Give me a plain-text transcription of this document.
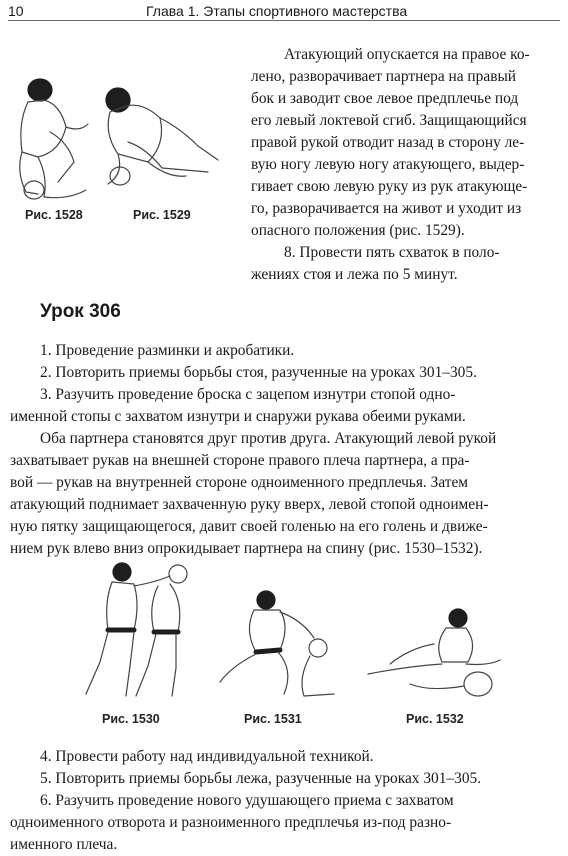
10	Глава 1. Этапы спортивного мастерства
Рис. 1528	Рис. 1529

Атакующий опускается на правое ко-

лено, разворачивает партнера на правый

бок и заводит свое левое предплечье под

его левый локтевой сгиб. Защищающийся

правой рукой отводит назад в сторону ле-

вую ногу левую ногу атакующего, выдер-

гивает свою левую руку из рук атакующе-

го, разворачивается на живот и уходит из

опасного положения (рис. 1529).

8. Провести пять схваток в поло-

жениях стоя и лежа по 5 минут.

Урок 306

1. Проведение разминки и акробатики.

2. Повторить приемы борьбы стоя, разученные на уроках 301–305.

3. Разучить проведение броска с зацепом изнутри стопой одно-

именной стопы с захватом изнутри и снаружи рукава обеими руками.

Оба партнера становятся друг против друга. Атакующий левой рукой

захватывает рукав на внешней стороне правого плеча партнера, а пра-

вой — рукав на внутренней стороне одноименного предплечья. Затем

атакующий поднимает захваченную руку вверх, левой стопой одноимен-

ную пятку защищающегося, давит своей голенью на его голень и движе-

нием рук влево вниз опрокидывает партнера на спину (рис. 1530–1532).

Рис. 1530	Рис. 1531	Рис. 1532

4. Провести работу над индивидуальной техникой.

5. Повторить приемы борьбы лежа, разученные на уроках 301–305.

6. Разучить проведение нового удушающего приема с захватом

одноименного отворота и разноименного предплечья из-под разно-

именного плеча.
